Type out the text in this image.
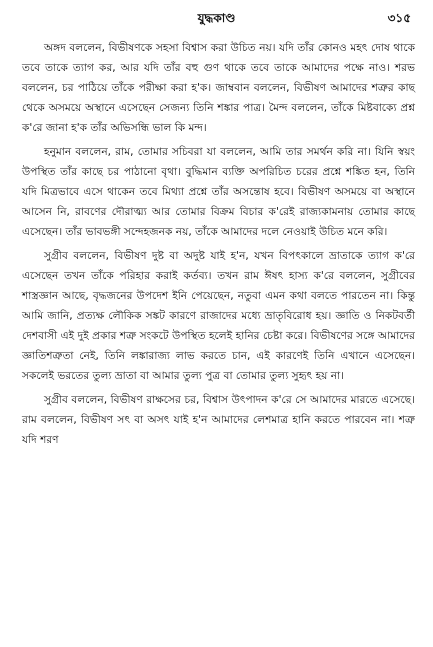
যুদ্ধকাণ্ড	৩১৫

অঙ্গদ বললেন, বিভীষণকে সহসা বিশ্বাস করা উচিত নয়। যদি তাঁর কোনও মহৎ দোষ থাকে তবে তাকে ত্যাগ কর, আর যদি তাঁর বহু গুণ থাকে তবে তাকে আমাদের পক্ষে নাও। শরভ বললেন, চর পাঠিয়ে তাঁকে পরীক্ষা করা হ'ক। জাম্ববান বললেন, বিভীষণ আমাদের শত্রুর কাছ থেকে অসময়ে অস্থানে এসেছেন সেজন্য তিনি শঙ্কার পাত্র। মৈন্দ বললেন, তাঁকে মিষ্টবাক্যে প্রশ্ন ক'রে জানা হ'ক তাঁর অভিসন্ধি ভাল কি মন্দ।

হনুমান বললেন, রাম, তোমার সচিবরা যা বললেন, আমি তার সমর্থন করি না। যিনি স্বয়ং উপস্থিত তাঁর কাছে চর পাঠানো বৃথা। বুদ্ধিমান ব্যক্তি অপরিচিত চরের প্রশ্নে শঙ্কিত হন, তিনি যদি মিত্রভাবে এসে থাকেন তবে মিথ্যা প্রশ্নে তাঁর অসন্তোষ হবে। বিভীষণ অসময়ে বা অস্থানে আসেন নি, রাবণের দৌরাত্ম্য আর তোমার বিক্রম বিচার ক'রেই রাজ্যকামনায় তোমার কাছে এসেছেন। তাঁর ভাবভঙ্গী সন্দেহজনক নয়, তাঁকে আমাদের দলে নেওয়াই উচিত মনে করি।

সুগ্রীব বললেন, বিভীষণ দুষ্ট বা অদুষ্ট যাই হ'ন, যখন বিপৎকালে ভ্রাতাকে ত্যাগ ক'রে এসেছেন তখন তাঁকে পরিহার করাই কর্তব্য। তখন রাম ঈষৎ হাস্য ক'রে বললেন, সুগ্রীবের শাস্ত্রজ্ঞান আছে, বৃদ্ধজনের উপদেশ ইনি পেয়েছেন, নতুবা এমন কথা বলতে পারতেন না। কিন্তু আমি জানি, প্রত্যক্ষ লৌকিক সঙ্কট কারণে রাজাদের মধ্যে ভ্রাতৃবিরোধ হয়। জ্ঞাতি ও নিকটবর্তী দেশবাসী এই দুই প্রকার শত্রু সংকটে উপস্থিত হলেই হানির চেষ্টা করে। বিভীষণের সঙ্গে আমাদের জ্ঞাতিশত্রুতা নেই, তিনি লঙ্কারাজ্য লাভ করতে চান, এই কারণেই তিনি এখানে এসেছেন। সকলেই ভরতের তুল্য ভ্রাতা বা আমার তুল্য পুত্র বা তোমার তুল্য সুহৃৎ হয় না।

সুগ্রীব বললেন, বিভীষণ রাক্ষসের চর, বিশ্বাস উৎপাদন ক'রে সে আমাদের মারতে এসেছে। রাম বললেন, বিভীষণ সৎ বা অসৎ যাই হ'ন আমাদের লেশমাত্র হানি করতে পারবেন না। শত্রু যদি শরণ
